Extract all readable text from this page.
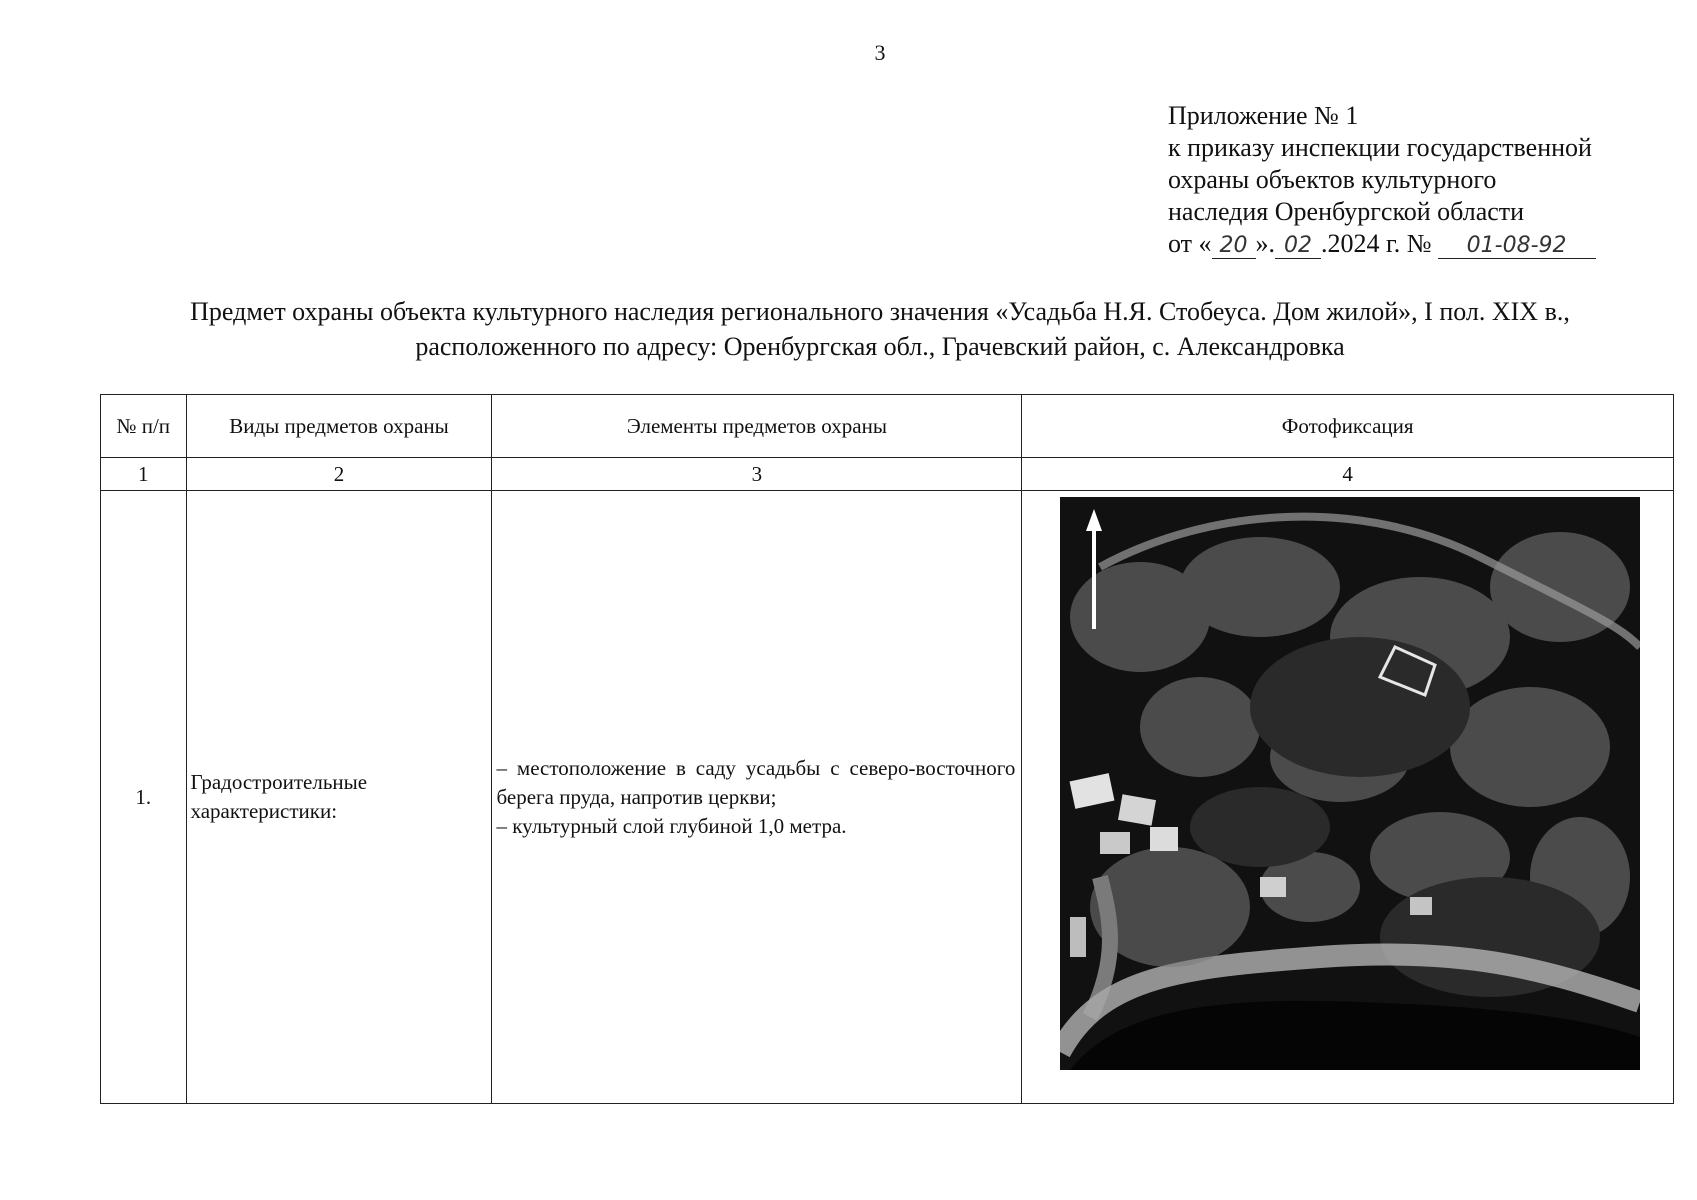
3
Приложение № 1
к приказу инспекции государственной
охраны объектов культурного
наследия Оренбургской области
от « 20 ». 02 .2024 г. № 01-08-92
Предмет охраны объекта культурного наследия регионального значения «Усадьба Н.Я. Стобеуса. Дом жилой», I пол. XIX в.,
расположенного по адресу: Оренбургская обл., Грачевский район, с. Александровка
№ п/п	Виды предметов охраны	Элементы предметов охраны	Фотофиксация
1	2	3	4
1.	Градостроительные характеристики:	– местоположение в саду усадьбы с северо-восточного берега пруда, напротив церкви;
– культурный слой глубиной 1,0 метра.
